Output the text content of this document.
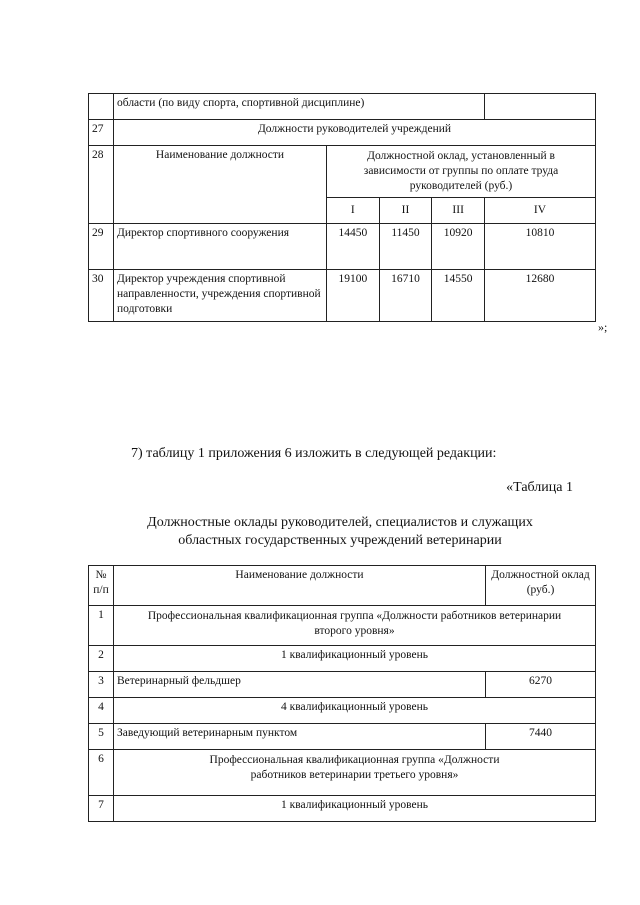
	области (по виду спорта, спортивной дисциплине)				
27	Должности руководителей учреждений				
28	Наименование должности	Должностной оклад, установленный в зависимости от группы по оплате труда руководителей (руб.)			
		I	II	III	IV
29	Директор спортивного сооружения	14450	11450	10920	10810
30	Директор учреждения спортивной направленности, учреждения спортивной подготовки	19100	16710	14550	12680
»;
7) таблицу 1 приложения 6 изложить в следующей редакции:
«Таблица 1
Должностные оклады руководителей, специалистов и служащих областных государственных учреждений ветеринарии
№ п/п	Наименование должности	Должностной оклад (руб.)
1	Профессиональная квалификационная группа «Должности работников ветеринарии второго уровня»	
2	1 квалификационный уровень	
3	Ветеринарный фельдшер	6270
4	4 квалификационный уровень	
5	Заведующий ветеринарным пунктом	7440
6	Профессиональная квалификационная группа «Должности работников ветеринарии третьего уровня»	
7	1 квалификационный уровень	
